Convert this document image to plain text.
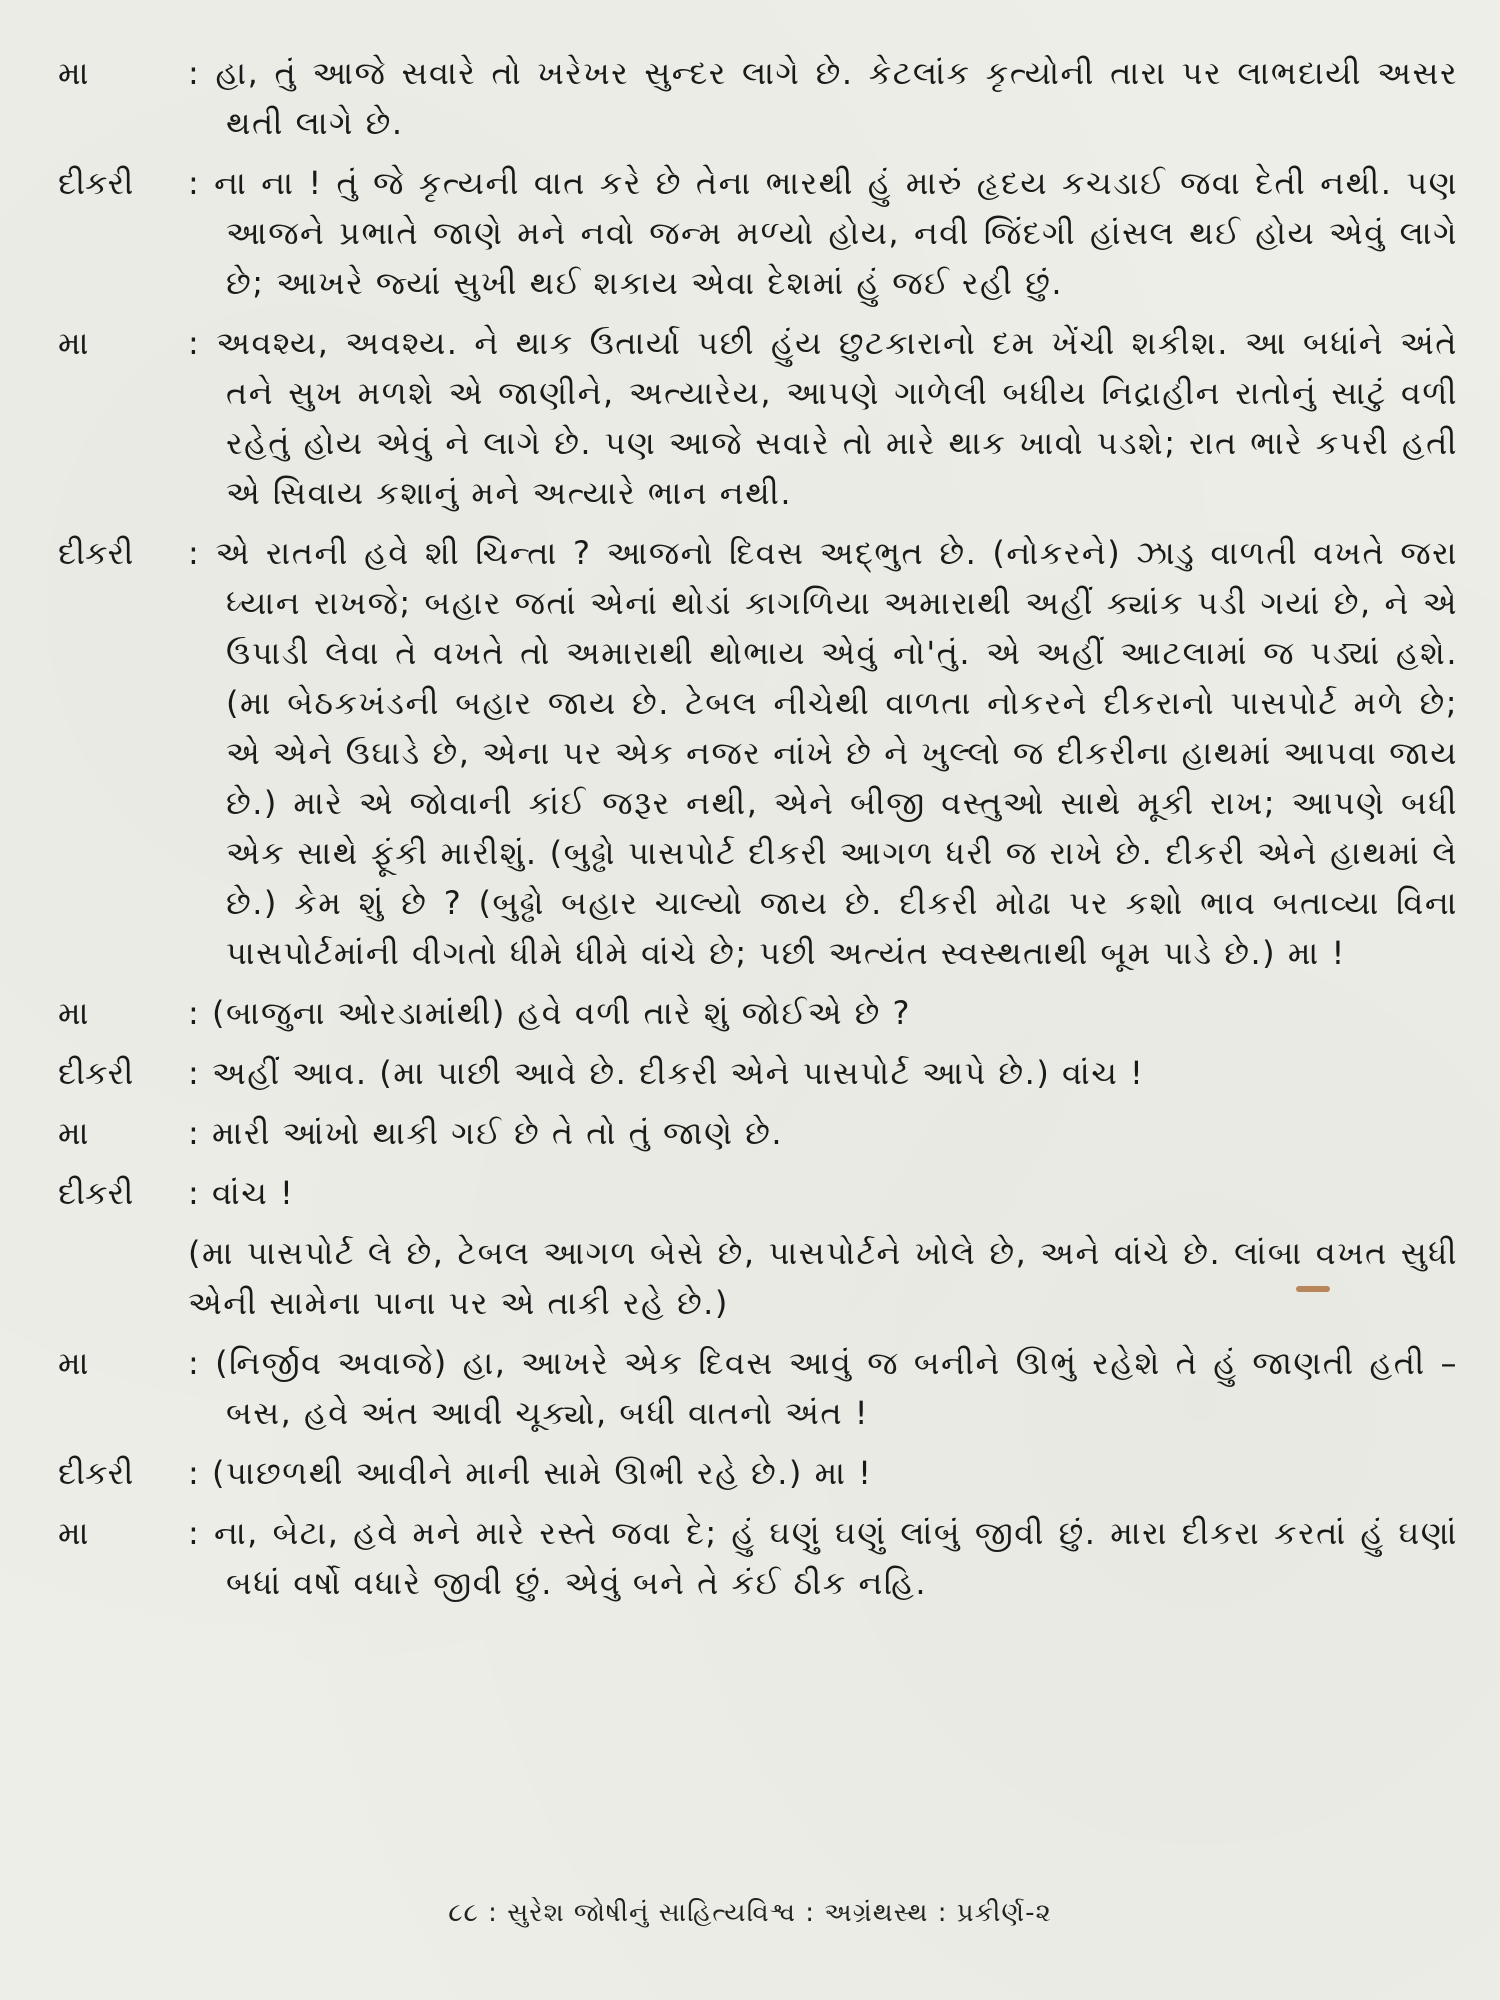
મા	: હા, તું આજે સવારે તો ખરેખર સુન્દર લાગે છે. કેટલાંક કૃત્યોની તારા પર લાભદાયી અસર થતી લાગે છે.
દીકરી	: ના ના ! તું જે કૃત્યની વાત કરે છે તેના ભારથી હું મારું હૃદય કચડાઈ જવા દેતી નથી. પણ આજને પ્રભાતે જાણે મને નવો જન્મ મળ્યો હોય, નવી જિંદગી હાંસલ થઈ હોય એવું લાગે છે; આખરે જ્યાં સુખી થઈ શકાય એવા દેશમાં હું જઈ રહી છું.
મા	: અવશ્ય, અવશ્ય. ને થાક ઉતાર્યા પછી હુંય છુટકારાનો દમ ખેંચી શકીશ. આ બધાંને અંતે તને સુખ મળશે એ જાણીને, અત્યારેય, આપણે ગાળેલી બધીય નિદ્રાહીન રાતોનું સાટું વળી રહેતું હોય એવું ને લાગે છે. પણ આજે સવારે તો મારે થાક ખાવો પડશે; રાત ભારે કપરી હતી એ સિવાય કશાનું મને અત્યારે ભાન નથી.
દીકરી	: એ રાતની હવે શી ચિન્તા ? આજનો દિવસ અદ્ભુત છે. (નોકરને) ઝાડુ વાળતી વખતે જરા ધ્યાન રાખજે; બહાર જતાં એનાં થોડાં કાગળિયા અમારાથી અહીં ક્યાંક પડી ગયાં છે, ને એ ઉપાડી લેવા તે વખતે તો અમારાથી થોભાય એવું નો'તું. એ અહીં આટલામાં જ પડ્યાં હશે. (મા બેઠકખંડની બહાર જાય છે. ટેબલ નીચેથી વાળતા નોકરને દીકરાનો પાસપોર્ટ મળે છે; એ એને ઉઘાડે છે, એના પર એક નજર નાંખે છે ને ખુલ્લો જ દીકરીના હાથમાં આપવા જાય છે.) મારે એ જોવાની કાંઈ જરૂર નથી, એને બીજી વસ્તુઓ સાથે મૂકી રાખ; આપણે બધી એક સાથે ફૂંકી મારીશું. (બુઢ્ઢો પાસપોર્ટ દીકરી આગળ ધરી જ રાખે છે. દીકરી એને હાથમાં લે છે.) કેમ શું છે ? (બુઢ્ઢો બહાર ચાલ્યો જાય છે. દીકરી મોઢા પર કશો ભાવ બતાવ્યા વિના પાસપોર્ટમાંની વીગતો ધીમે ધીમે વાંચે છે; પછી અત્યંત સ્વસ્થતાથી બૂમ પાડે છે.) મા !
મા	: (બાજુના ઓરડામાંથી) હવે વળી તારે શું જોઈએ છે ?
દીકરી	: અહીં આવ. (મા પાછી આવે છે. દીકરી એને પાસપોર્ટ આપે છે.) વાંચ !
મા	: મારી આંખો થાકી ગઈ છે તે તો તું જાણે છે.
દીકરી	: વાંચ !
(મા પાસપોર્ટ લે છે, ટેબલ આગળ બેસે છે, પાસપોર્ટને ખોલે છે, અને વાંચે છે. લાંબા વખત સુધી એની સામેના પાના પર એ તાકી રહે છે.)
મા	: (નિર્જીવ અવાજે) હા, આખરે એક દિવસ આવું જ બનીને ઊભું રહેશે તે હું જાણતી હતી – બસ, હવે અંત આવી ચૂક્યો, બધી વાતનો અંત !
દીકરી	: (પાછળથી આવીને માની સામે ઊભી રહે છે.) મા !
મા	: ના, બેટા, હવે મને મારે રસ્તે જવા દે; હું ઘણું ઘણું લાંબું જીવી છું. મારા દીકરા કરતાં હું ઘણાં બધાં વર્ષો વધારે જીવી છું. એવું બને તે કંઈ ઠીક નહિ.
૮૮ : સુરેશ જોષીનું સાહિત્યવિશ્વ : અગ્રંથસ્થ : પ્રકીર્ણ-૨
